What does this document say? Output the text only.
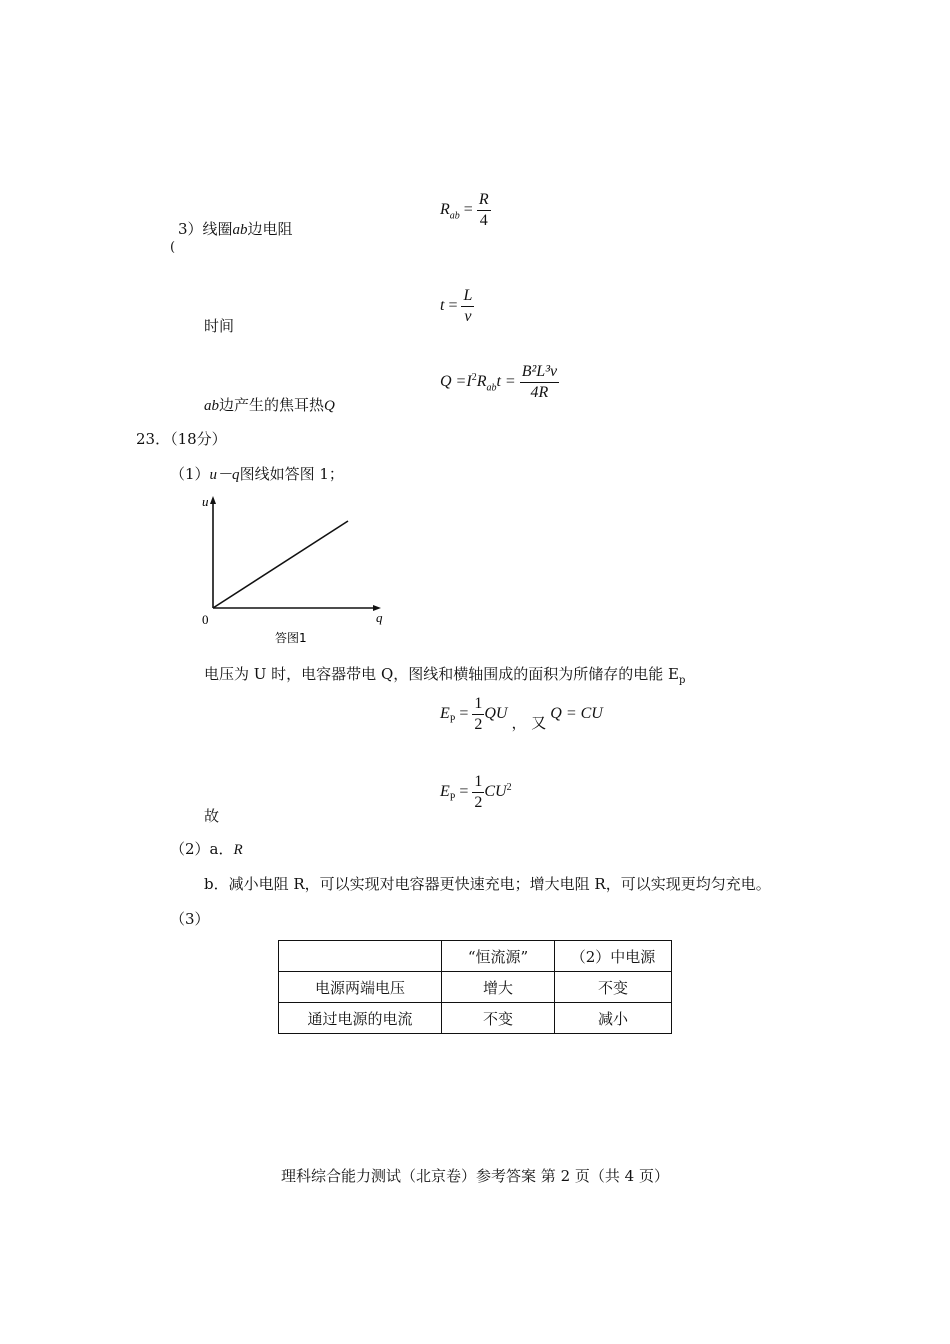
3）线圈ab边电阻
(
$R_{ab} = \frac{R}{4}$
时间
$t = \frac{L}{v}$
ab边产生的焦耳热Q
$Q =I^2R_{ab}t = \frac{\text{B²L³v}}{4R}$
23．（18分）
（1）u－q图线如答图 1；
u
q
0
答图1
电压为 U 时，电容器带电 Q，图线和横轴围成的面积为所储存的电能 $E_p$
$E_P = \frac{1}{2}$ QU ， 又 Q = CU
故
$E_P = \frac{1}{2} CU^2$
（2）a．R
b．减小电阻 R，可以实现对电容器更快速充电；增大电阻 R，可以实现更均匀充电。
（3）
	“恒流源”	（2）中电源
电源两端电压	增大	不变
通过电源的电流	不变	减小
理科综合能力测试（北京卷）参考答案 第 2 页（共 4 页）
